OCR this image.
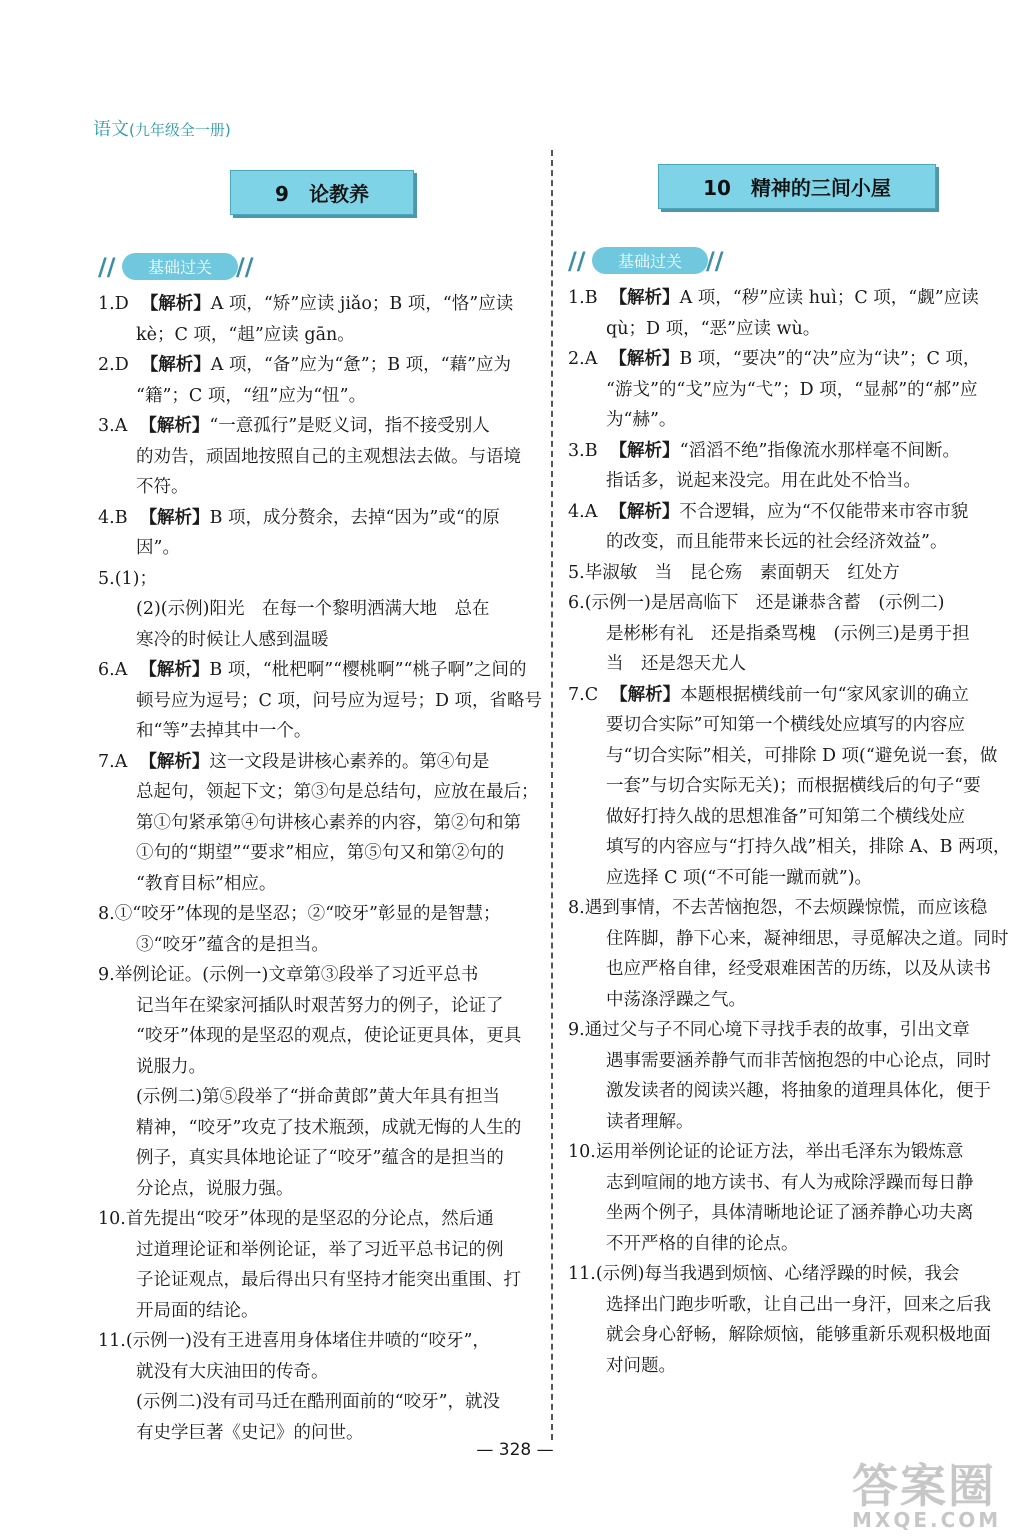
语文(九年级全一册)
9　论教养
//	基础过关 //

1.D 【解析】A 项，“矫”应读 jiǎo；B 项，“恪”应读

kè；C 项，“趄”应读 gān。

2.D 【解析】A 项，“备”应为“惫”；B 项，“藉”应为

“籍”；C 项，“纽”应为“忸”。

3.A 【解析】“一意孤行”是贬义词，指不接受别人

的劝告，顽固地按照自己的主观想法去做。与语境

不符。

4.B 【解析】B 项，成分赘余，去掉“因为”或“的原

因”。

5.(1)；

(2)(示例)阳光　在每一个黎明洒满大地　总在

寒冷的时候让人感到温暖

6.A 【解析】B 项，“枇杷啊”“樱桃啊”“桃子啊”之间的

顿号应为逗号；C 项，问号应为逗号；D 项，省略号

和“等”去掉其中一个。

7.A 【解析】这一文段是讲核心素养的。第④句是

总起句，领起下文；第③句是总结句，应放在最后；

第①句紧承第④句讲核心素养的内容，第②句和第

①句的“期望”“要求”相应，第⑤句又和第②句的

“教育目标”相应。

8.①“咬牙”体现的是坚忍；②“咬牙”彰显的是智慧；

③“咬牙”蕴含的是担当。

9.举例论证。(示例一)文章第③段举了习近平总书

记当年在梁家河插队时艰苦努力的例子，论证了

“咬牙”体现的是坚忍的观点，使论证更具体，更具

说服力。

(示例二)第⑤段举了“拼命黄郎”黄大年具有担当

精神，“咬牙”攻克了技术瓶颈，成就无悔的人生的

例子，真实具体地论证了“咬牙”蕴含的是担当的

分论点，说服力强。

10.首先提出“咬牙”体现的是坚忍的分论点，然后通

过道理论证和举例论证，举了习近平总书记的例

子论证观点，最后得出只有坚持才能突出重围、打

开局面的结论。

11.(示例一)没有王进喜用身体堵住井喷的“咬牙”，

就没有大庆油田的传奇。

(示例二)没有司马迁在酷刑面前的“咬牙”，就没

有史学巨著《史记》的问世。

10　精神的三间小屋
//	基础过关 //

1.B 【解析】A 项，“秽”应读 huì；C 项，“觑”应读

qù；D 项，“恶”应读 wù。

2.A 【解析】B 项，“要决”的“决”应为“诀”；C 项，

“游戈”的“戈”应为“弋”；D 项，“显郝”的“郝”应

为“赫”。

3.B 【解析】“滔滔不绝”指像流水那样毫不间断。

指话多，说起来没完。用在此处不恰当。

4.A 【解析】不合逻辑，应为“不仅能带来市容市貌

的改变，而且能带来长远的社会经济效益”。

5.毕淑敏　当　昆仑殇　素面朝天　红处方

6.(示例一)是居高临下　还是谦恭含蓄　(示例二)

是彬彬有礼　还是指桑骂槐　(示例三)是勇于担

当　还是怨天尤人

7.C 【解析】本题根据横线前一句“家风家训的确立

要切合实际”可知第一个横线处应填写的内容应

与“切合实际”相关，可排除 D 项(“避免说一套，做

一套”与切合实际无关)；而根据横线后的句子“要

做好打持久战的思想准备”可知第二个横线处应

填写的内容应与“打持久战”相关，排除 A、B 两项，

应选择 C 项(“不可能一蹴而就”)。

8.遇到事情，不去苦恼抱怨，不去烦躁惊慌，而应该稳

住阵脚，静下心来，凝神细思，寻觅解决之道。同时

也应严格自律，经受艰难困苦的历练，以及从读书

中荡涤浮躁之气。

9.通过父与子不同心境下寻找手表的故事，引出文章

遇事需要涵养静气而非苦恼抱怨的中心论点，同时

激发读者的阅读兴趣，将抽象的道理具体化，便于

读者理解。

10.运用举例论证的论证方法，举出毛泽东为锻炼意

志到喧闹的地方读书、有人为戒除浮躁而每日静

坐两个例子，具体清晰地论证了涵养静心功夫离

不开严格的自律的论点。

11.(示例)每当我遇到烦恼、心绪浮躁的时候，我会

选择出门跑步听歌，让自己出一身汗，回来之后我

就会身心舒畅，解除烦恼，能够重新乐观积极地面

对问题。

— 328 —
答案圈
MXQE.COM
